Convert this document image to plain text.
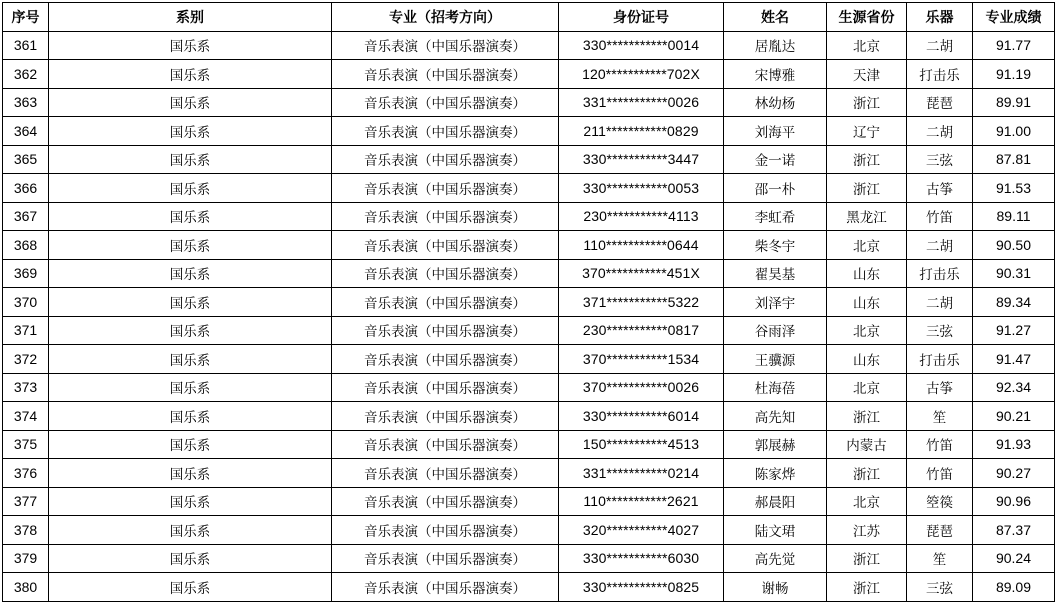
序号	系别	专业（招考方向）	身份证号	姓名	生源省份	乐器	专业成绩
361	国乐系	音乐表演（中国乐器演奏）	330***********0014	居胤达	北京	二胡	91.77
362	国乐系	音乐表演（中国乐器演奏）	120***********702X	宋博雅	天津	打击乐	91.19
363	国乐系	音乐表演（中国乐器演奏）	331***********0026	林幼杨	浙江	琵琶	89.91
364	国乐系	音乐表演（中国乐器演奏）	211***********0829	刘海平	辽宁	二胡	91.00
365	国乐系	音乐表演（中国乐器演奏）	330***********3447	金一诺	浙江	三弦	87.81
366	国乐系	音乐表演（中国乐器演奏）	330***********0053	邵一朴	浙江	古筝	91.53
367	国乐系	音乐表演（中国乐器演奏）	230***********4113	李虹希	黑龙江	竹笛	89.11
368	国乐系	音乐表演（中国乐器演奏）	110***********0644	柴冬宇	北京	二胡	90.50
369	国乐系	音乐表演（中国乐器演奏）	370***********451X	翟昊基	山东	打击乐	90.31
370	国乐系	音乐表演（中国乐器演奏）	371***********5322	刘泽宇	山东	二胡	89.34
371	国乐系	音乐表演（中国乐器演奏）	230***********0817	谷雨泽	北京	三弦	91.27
372	国乐系	音乐表演（中国乐器演奏）	370***********1534	王骥源	山东	打击乐	91.47
373	国乐系	音乐表演（中国乐器演奏）	370***********0026	杜海蓓	北京	古筝	92.34
374	国乐系	音乐表演（中国乐器演奏）	330***********6014	高先知	浙江	笙	90.21
375	国乐系	音乐表演（中国乐器演奏）	150***********4513	郭展赫	内蒙古	竹笛	91.93
376	国乐系	音乐表演（中国乐器演奏）	331***********0214	陈家烨	浙江	竹笛	90.27
377	国乐系	音乐表演（中国乐器演奏）	110***********2621	郝晨阳	北京	箜篌	90.96
378	国乐系	音乐表演（中国乐器演奏）	320***********4027	陆文珺	江苏	琵琶	87.37
379	国乐系	音乐表演（中国乐器演奏）	330***********6030	高先觉	浙江	笙	90.24
380	国乐系	音乐表演（中国乐器演奏）	330***********0825	谢畅	浙江	三弦	89.09
